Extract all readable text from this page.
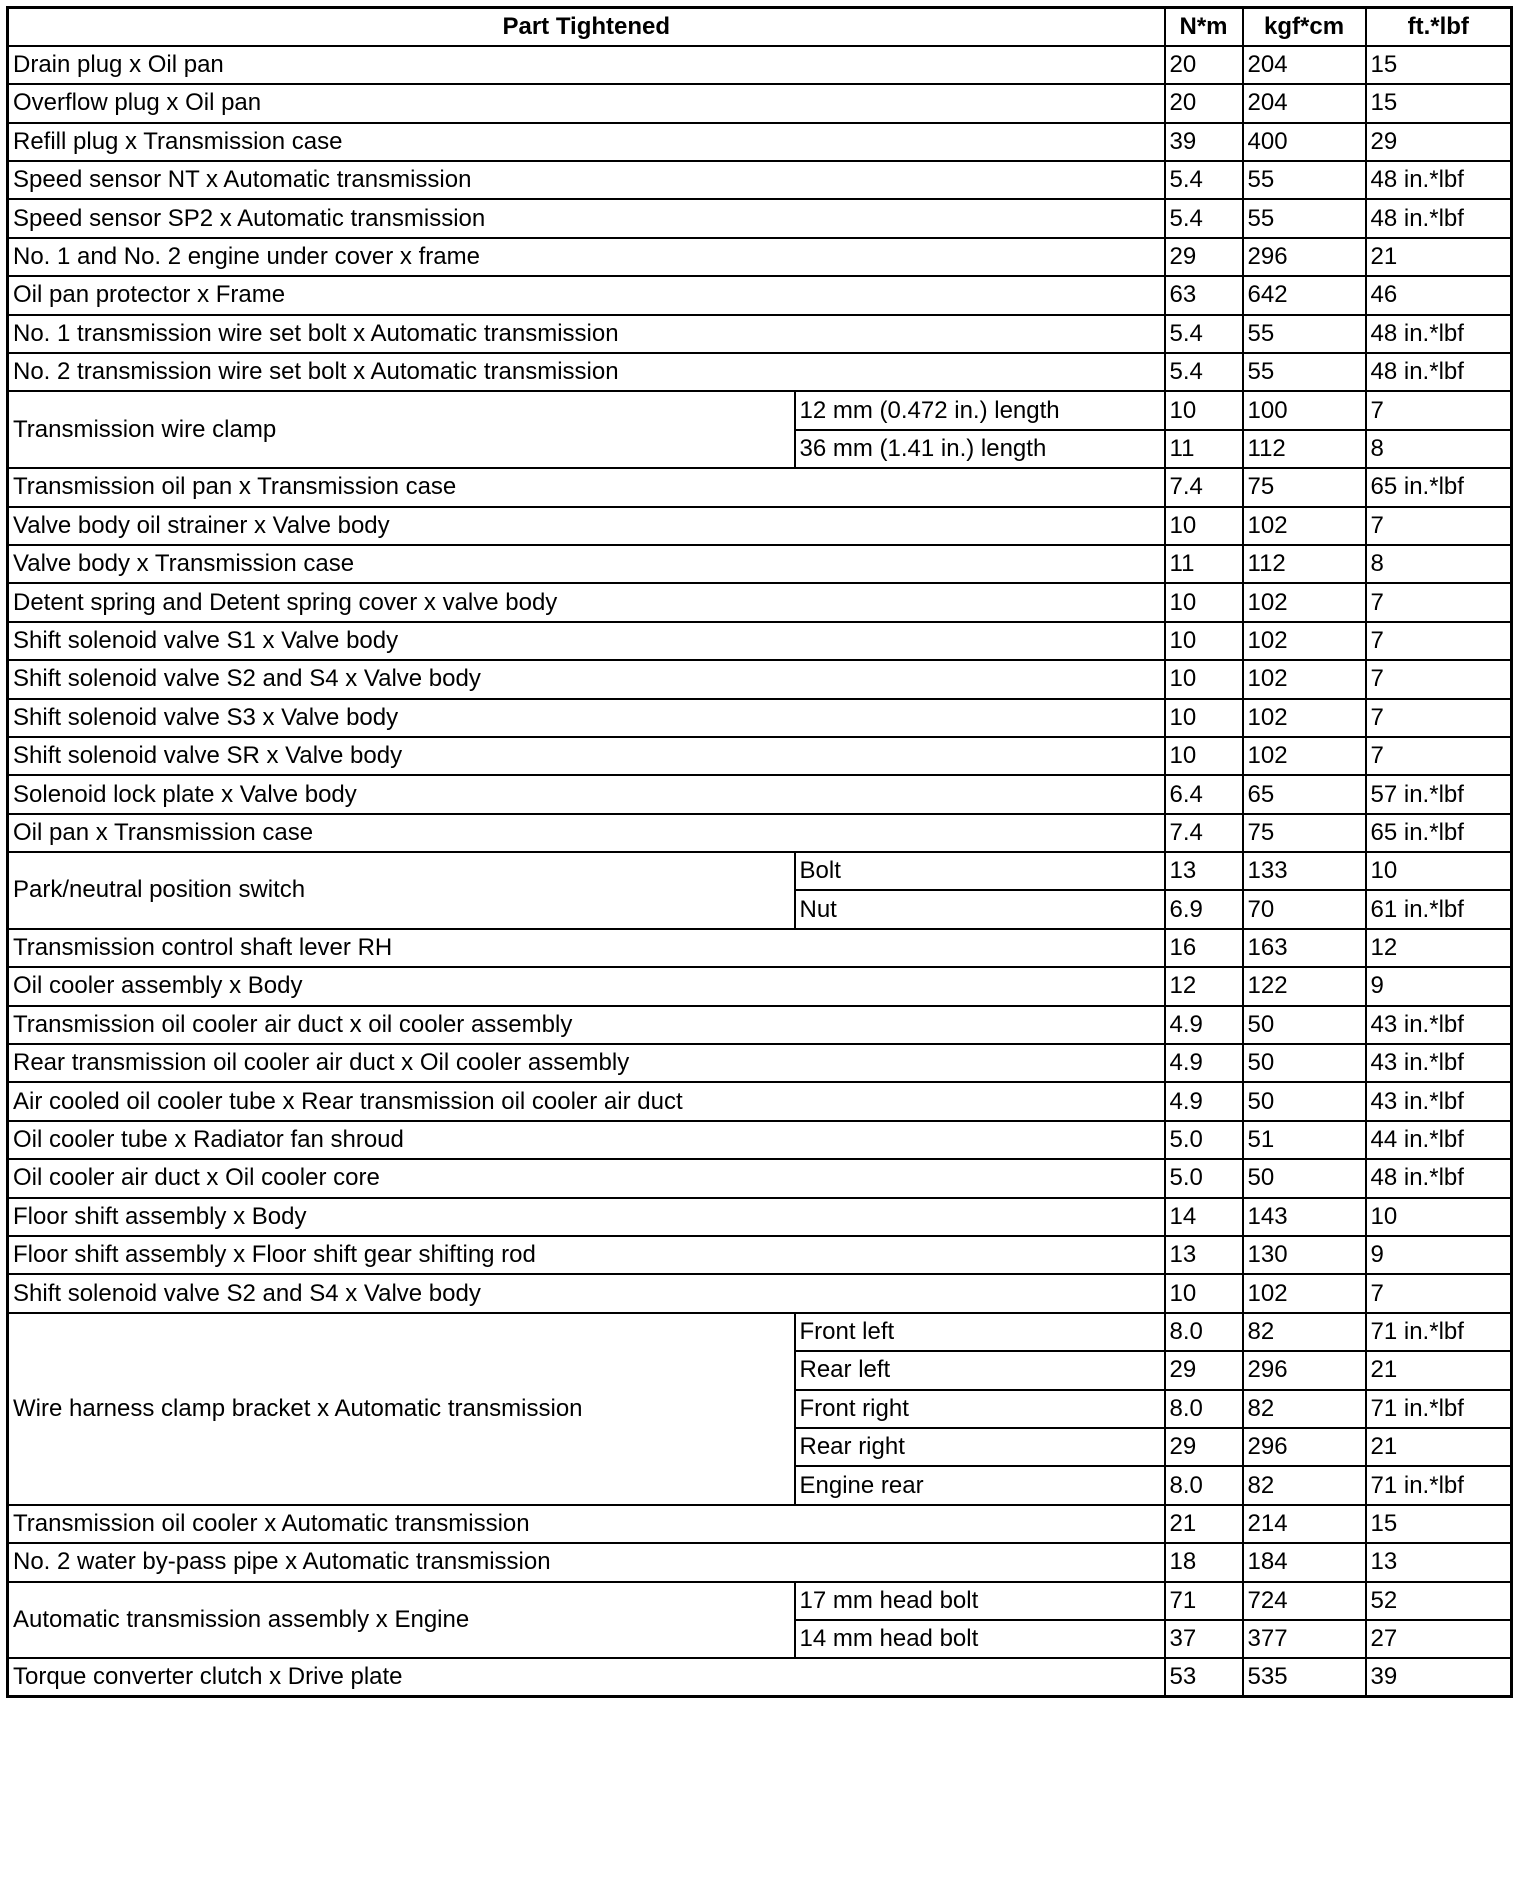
Part Tightened		N*m	kgf*cm	ft.*lbf
Drain plug x Oil pan		20	204	15
Overflow plug x Oil pan		20	204	15
Refill plug x Transmission case		39	400	29
Speed sensor NT x Automatic transmission		5.4	55	48 in.*lbf
Speed sensor SP2 x Automatic transmission		5.4	55	48 in.*lbf
No. 1 and No. 2 engine under cover x frame		29	296	21
Oil pan protector x Frame		63	642	46
No. 1 transmission wire set bolt x Automatic transmission		5.4	55	48 in.*lbf
No. 2 transmission wire set bolt x Automatic transmission		5.4	55	48 in.*lbf
Transmission wire clamp	12 mm (0.472 in.) length	10	100	7
	36 mm (1.41 in.) length	11	112	8
Transmission oil pan x Transmission case		7.4	75	65 in.*lbf
Valve body oil strainer x Valve body		10	102	7
Valve body x Transmission case		11	112	8
Detent spring and Detent spring cover x valve body		10	102	7
Shift solenoid valve S1 x Valve body		10	102	7
Shift solenoid valve S2 and S4 x Valve body		10	102	7
Shift solenoid valve S3 x Valve body		10	102	7
Shift solenoid valve SR x Valve body		10	102	7
Solenoid lock plate x Valve body		6.4	65	57 in.*lbf
Oil pan x Transmission case		7.4	75	65 in.*lbf
Park/neutral position switch	Bolt	13	133	10
	Nut	6.9	70	61 in.*lbf
Transmission control shaft lever RH		16	163	12
Oil cooler assembly x Body		12	122	9
Transmission oil cooler air duct x oil cooler assembly		4.9	50	43 in.*lbf
Rear transmission oil cooler air duct x Oil cooler assembly		4.9	50	43 in.*lbf
Air cooled oil cooler tube x Rear transmission oil cooler air duct		4.9	50	43 in.*lbf
Oil cooler tube x Radiator fan shroud		5.0	51	44 in.*lbf
Oil cooler air duct x Oil cooler core		5.0	50	48 in.*lbf
Floor shift assembly x Body		14	143	10
Floor shift assembly x Floor shift gear shifting rod		13	130	9
Shift solenoid valve S2 and S4 x Valve body		10	102	7
Wire harness clamp bracket x Automatic transmission	Front left	8.0	82	71 in.*lbf
	Rear left	29	296	21
	Front right	8.0	82	71 in.*lbf
	Rear right	29	296	21
	Engine rear	8.0	82	71 in.*lbf
Transmission oil cooler x Automatic transmission		21	214	15
No. 2 water by-pass pipe x Automatic transmission		18	184	13
Automatic transmission assembly x Engine	17 mm head bolt	71	724	52
	14 mm head bolt	37	377	27
Torque converter clutch x Drive plate		53	535	39
